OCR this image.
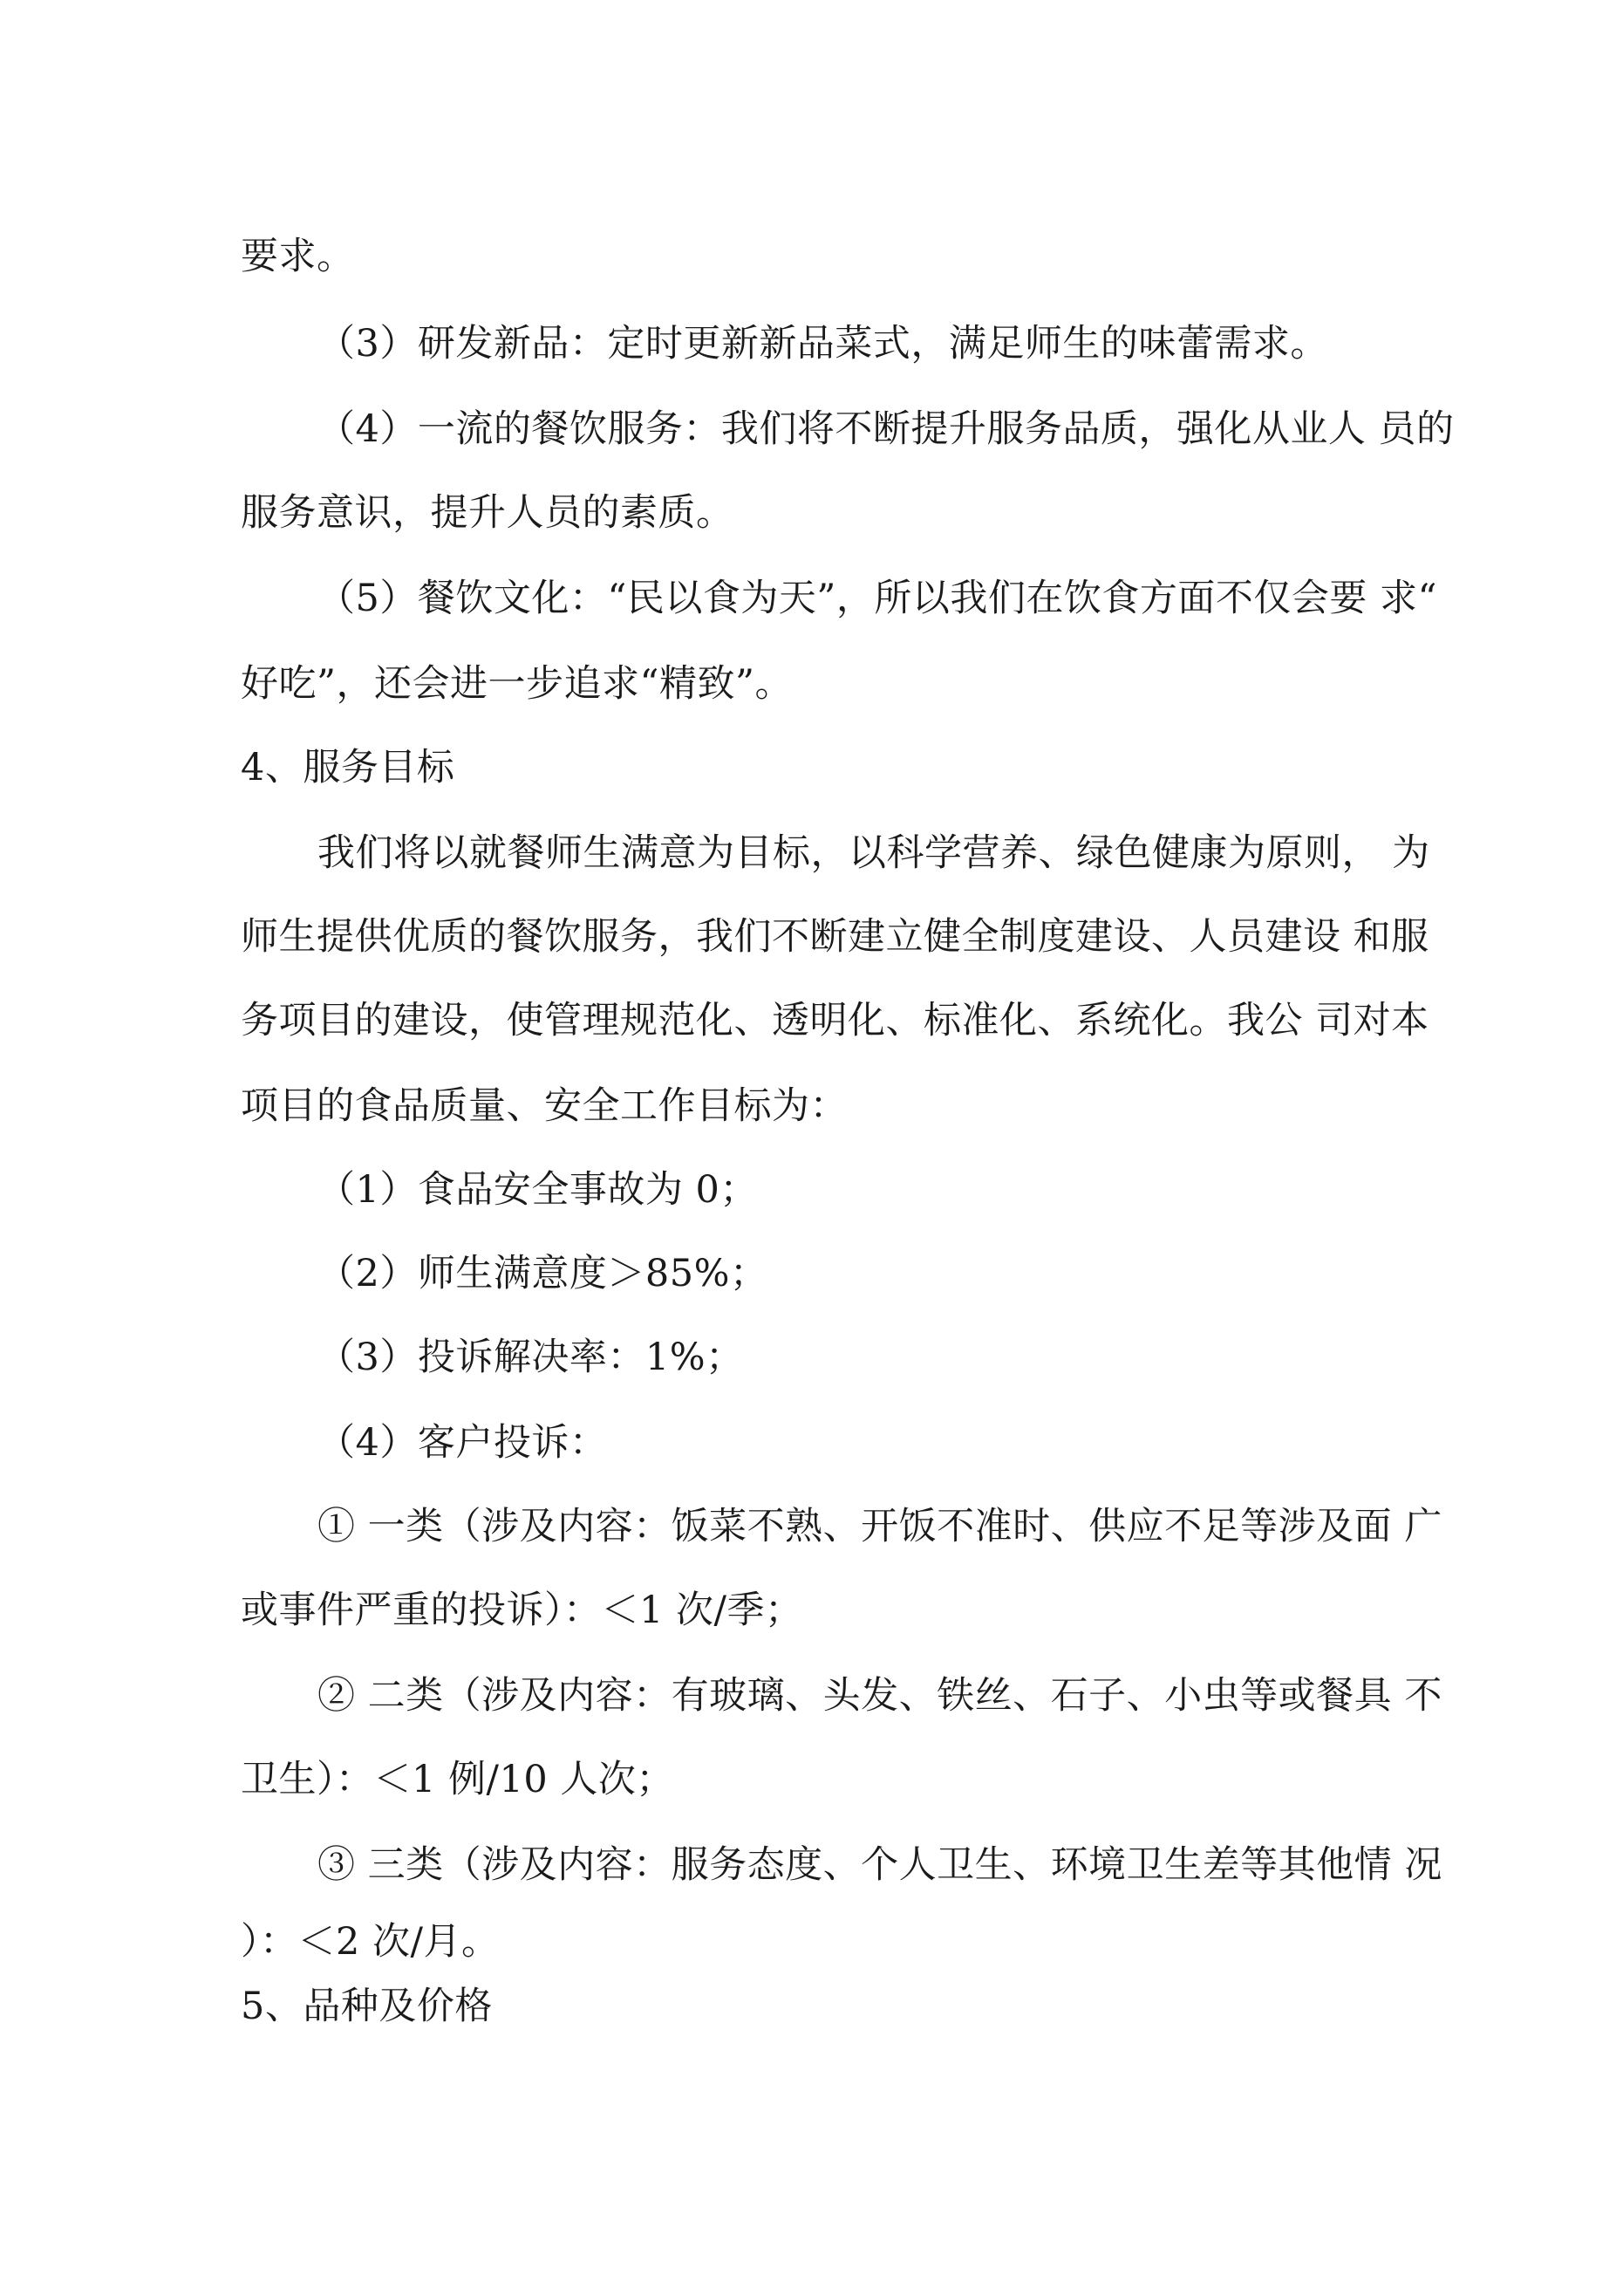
要求。

（3）研发新品：定时更新新品菜式，满足师生的味蕾需求。

（4）一流的餐饮服务：我们将不断提升服务品质，强化从业人 员的

服务意识，提升人员的素质。

（5）餐饮文化：“民以食为天”，所以我们在饮食方面不仅会要 求“

好吃”，还会进一步追求“精致”。

4、服务目标

我们将以就餐师生满意为目标，以科学营养、绿色健康为原则， 为

师生提供优质的餐饮服务，我们不断建立健全制度建设、人员建设 和服

务项目的建设，使管理规范化、透明化、标准化、系统化。我公 司对本

项目的食品质量、安全工作目标为：

（1）食品安全事故为 0；

（2）师生满意度＞85%；

（3）投诉解决率：1%；

（4）客户投诉：

① 一类（涉及内容：饭菜不熟、开饭不准时、供应不足等涉及面 广

或事件严重的投诉）：＜1 次/季；

② 二类（涉及内容：有玻璃、头发、铁丝、石子、小虫等或餐具 不

卫生）：＜1 例/10 人次；

③ 三类（涉及内容：服务态度、个人卫生、环境卫生差等其他情 况

）：＜2 次/月。

5、品种及价格
